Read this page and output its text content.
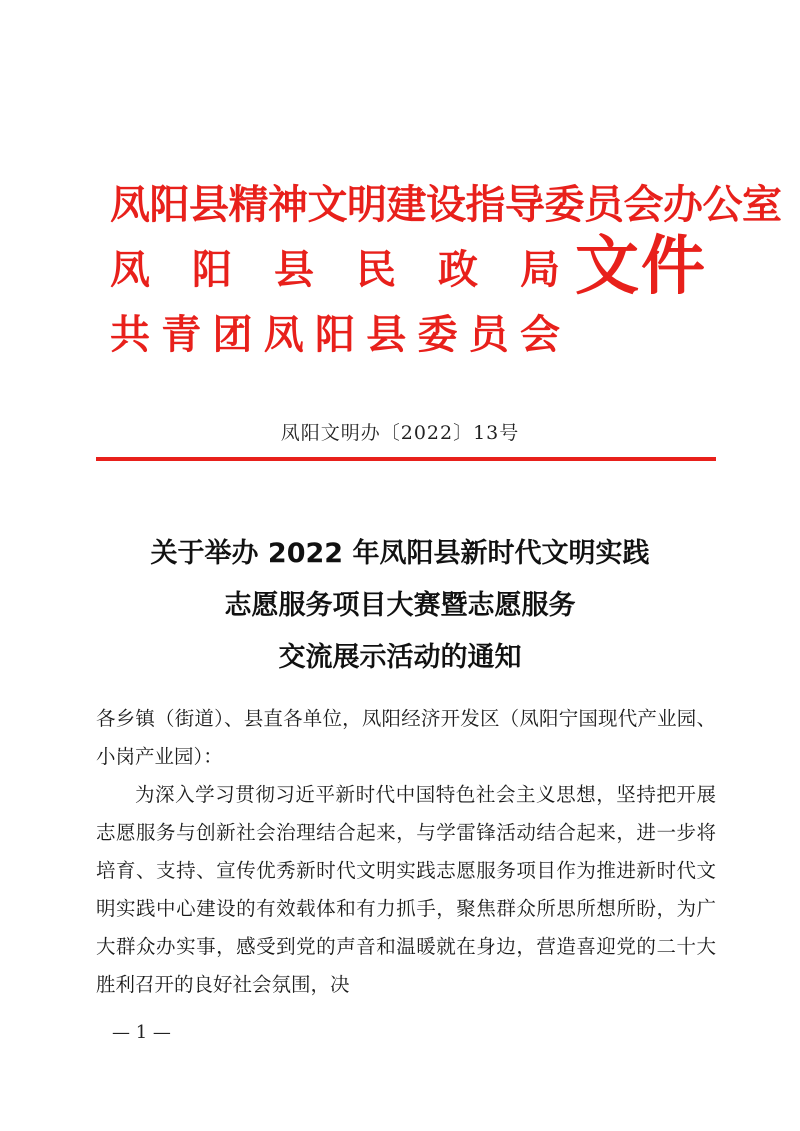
凤阳县精神文明建设指导委员会办公室
凤 阳 县 民 政 局
共 青 团 凤 阳 县 委 员 会
文件
凤阳文明办〔2022〕13号
关于举办 2022 年凤阳县新时代文明实践
志愿服务项目大赛暨志愿服务
交流展示活动的通知

各乡镇（街道）、县直各单位，凤阳经济开发区（凤阳宁国现代产业园、小岗产业园）：

为深入学习贯彻习近平新时代中国特色社会主义思想，坚持把开展志愿服务与创新社会治理结合起来，与学雷锋活动结合起来，进一步将培育、支持、宣传优秀新时代文明实践志愿服务项目作为推进新时代文明实践中心建设的有效载体和有力抓手，聚焦群众所思所想所盼，为广大群众办实事，感受到党的声音和温暖就在身边，营造喜迎党的二十大胜利召开的良好社会氛围，决

— 1 —
